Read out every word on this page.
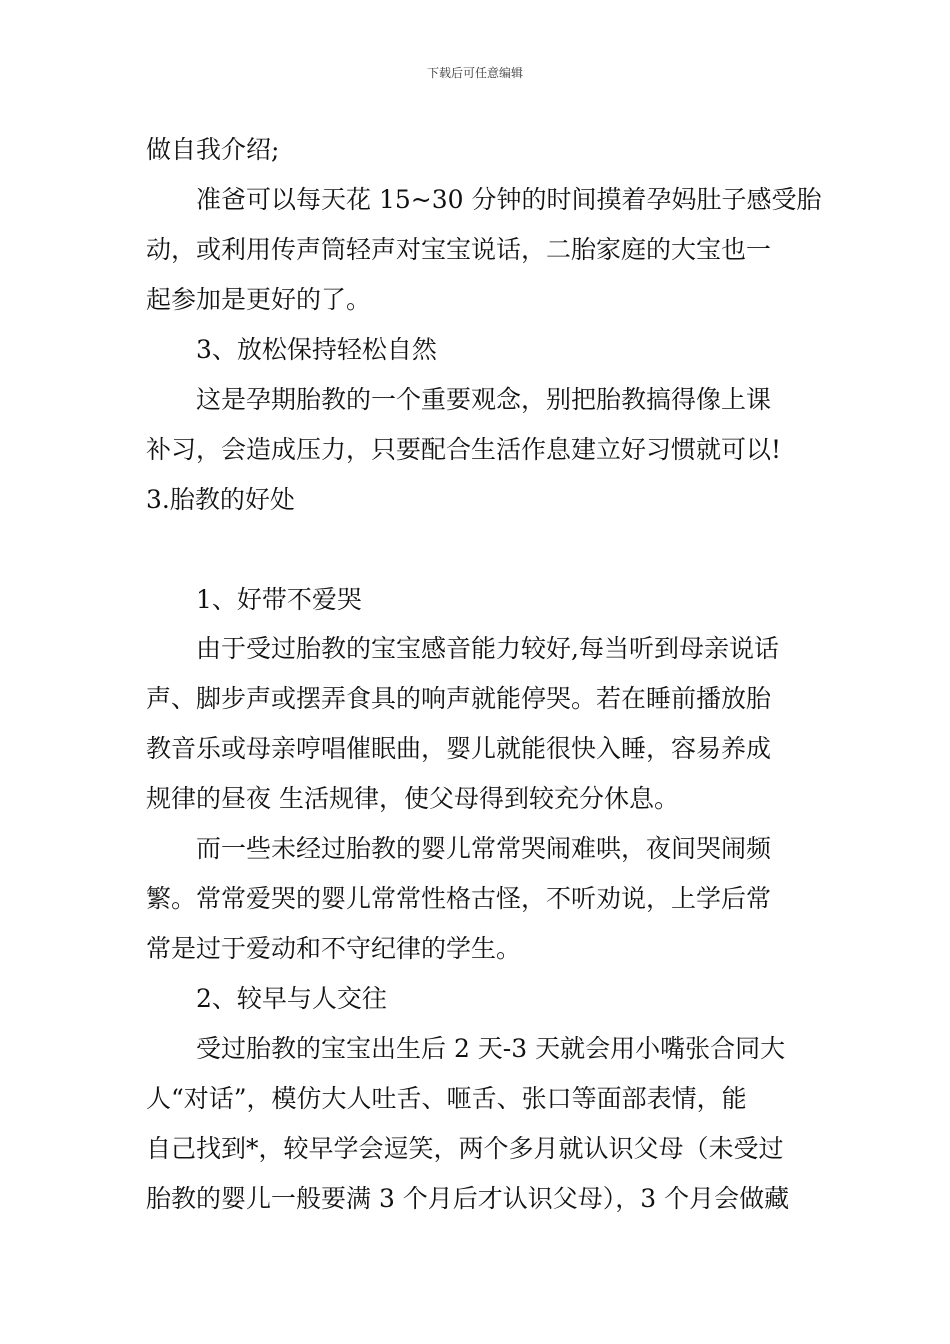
下载后可任意编辑
做自我介绍;
准爸可以每天花 15~30 分钟的时间摸着孕妈肚子感受胎
动，或利用传声筒轻声对宝宝说话，二胎家庭的大宝也一
起参加是更好的了。
3、放松保持轻松自然
这是孕期胎教的一个重要观念，别把胎教搞得像上课
补习，会造成压力，只要配合生活作息建立好习惯就可以!
3.胎教的好处
1、好带不爱哭
由于受过胎教的宝宝感音能力较好,每当听到母亲说话
声、脚步声或摆弄食具的响声就能停哭。若在睡前播放胎
教音乐或母亲哼唱催眠曲，婴儿就能很快入睡，容易养成
规律的昼夜 生活规律，使父母得到较充分休息。
而一些未经过胎教的婴儿常常哭闹难哄，夜间哭闹频
繁。常常爱哭的婴儿常常性格古怪，不听劝说，上学后常
常是过于爱动和不守纪律的学生。
2、较早与人交往
受过胎教的宝宝出生后 2 天-3 天就会用小嘴张合同大
人“对话”，模仿大人吐舌、咂舌、张口等面部表情，能
自己找到*，较早学会逗笑，两个多月就认识父母（未受过
胎教的婴儿一般要满 3 个月后才认识父母），3 个月会做藏
